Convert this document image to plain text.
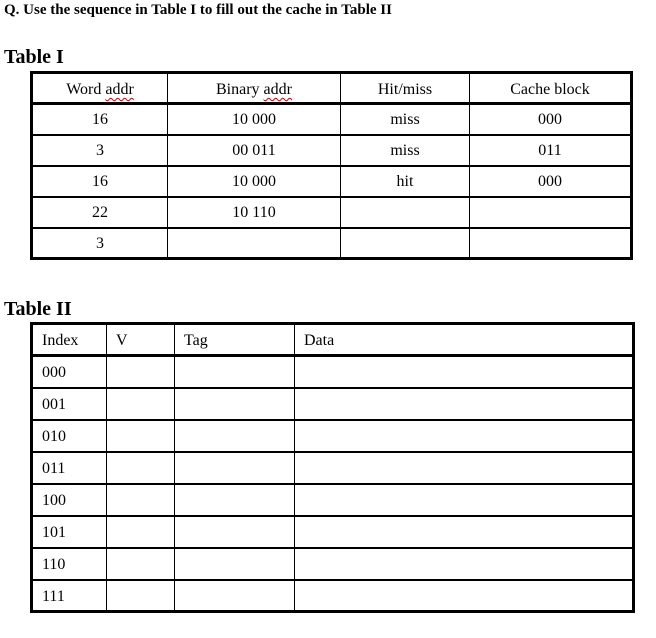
Q. Use the sequence in Table I to fill out the cache in Table II
Table I
Word addr	Binary addr	Hit/miss	Cache block
16	10 000	miss	000
3	00 011	miss	011
16	10 000	hit	000
22	10 110		
3			
Table II
Index	V	Tag	Data
000			
001			
010			
011			
100			
101			
110			
111			
